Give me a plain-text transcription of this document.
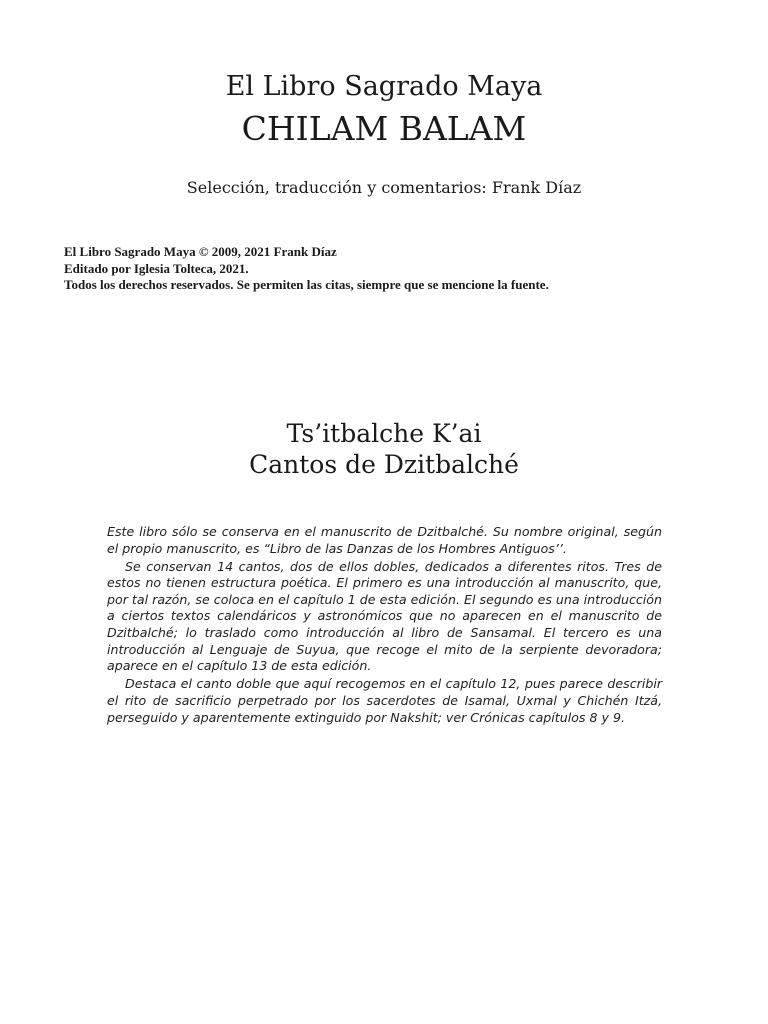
El Libro Sagrado Maya
CHILAM BALAM

Selección, traducción y comentarios: Frank Díaz

El Libro Sagrado Maya © 2009, 2021 Frank Díaz
Editado por Iglesia Tolteca, 2021.
Todos los derechos reservados. Se permiten las citas, siempre que se mencione la fuente.
Ts’itbalche K’ai
Cantos de Dzitbalché

Este libro sólo se conserva en el manuscrito de Dzitbalché. Su nombre original, según el propio manuscrito, es “Libro de las Danzas de los Hombres Antiguos’’.

Se conservan 14 cantos, dos de ellos dobles, dedicados a diferentes ritos. Tres de estos no tienen estructura poética. El primero es una introducción al manuscrito, que, por tal razón, se coloca en el capítulo 1 de esta edición. El segundo es una introducción a ciertos textos calendáricos y astronómicos que no aparecen en el manuscrito de Dzitbalché; lo traslado como introducción al libro de Sansamal. El tercero es una introducción al Lenguaje de Suyua, que recoge el mito de la serpiente devoradora; aparece en el capítulo 13 de esta edición.

Destaca el canto doble que aquí recogemos en el capítulo 12, pues parece describir el rito de sacrificio perpetrado por los sacerdotes de Isamal, Uxmal y Chichén Itzá, perseguido y aparentemente extinguido por Nakshit; ver Crónicas capítulos 8 y 9.
